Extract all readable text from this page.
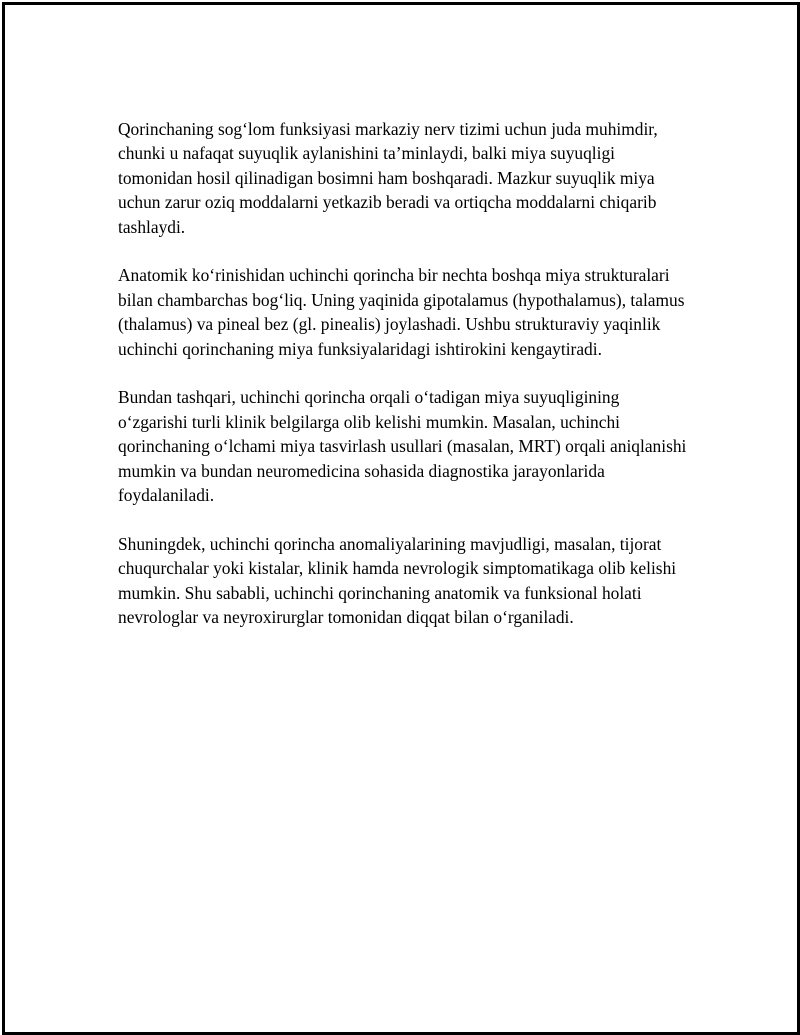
Qorinchaning sog‘lom funksiyasi markaziy nerv tizimi uchun juda muhimdir, chunki u nafaqat suyuqlik aylanishini ta’minlaydi, balki miya suyuqligi tomonidan hosil qilinadigan bosimni ham boshqaradi. Mazkur suyuqlik miya uchun zarur oziq moddalarni yetkazib beradi va ortiqcha moddalarni chiqarib tashlaydi.

Anatomik ko‘rinishidan uchinchi qorincha bir nechta boshqa miya strukturalari bilan chambarchas bog‘liq. Uning yaqinida gipotalamus (hypothalamus), talamus (thalamus) va pineal bez (gl. pinealis) joylashadi. Ushbu strukturaviy yaqinlik uchinchi qorinchaning miya funksiyalaridagi ishtirokini kengaytiradi.

Bundan tashqari, uchinchi qorincha orqali o‘tadigan miya suyuqligining o‘zgarishi turli klinik belgilarga olib kelishi mumkin. Masalan, uchinchi qorinchaning o‘lchami miya tasvirlash usullari (masalan, MRT) orqali aniqlanishi mumkin va bundan neuromedicina sohasida diagnostika jarayonlarida foydalaniladi.

Shuningdek, uchinchi qorincha anomaliyalarining mavjudligi, masalan, tijorat chuqurchalar yoki kistalar, klinik hamda nevrologik simptomatikaga olib kelishi mumkin. Shu sababli, uchinchi qorinchaning anatomik va funksional holati nevrologlar va neyroxirurglar tomonidan diqqat bilan o‘rganiladi.
